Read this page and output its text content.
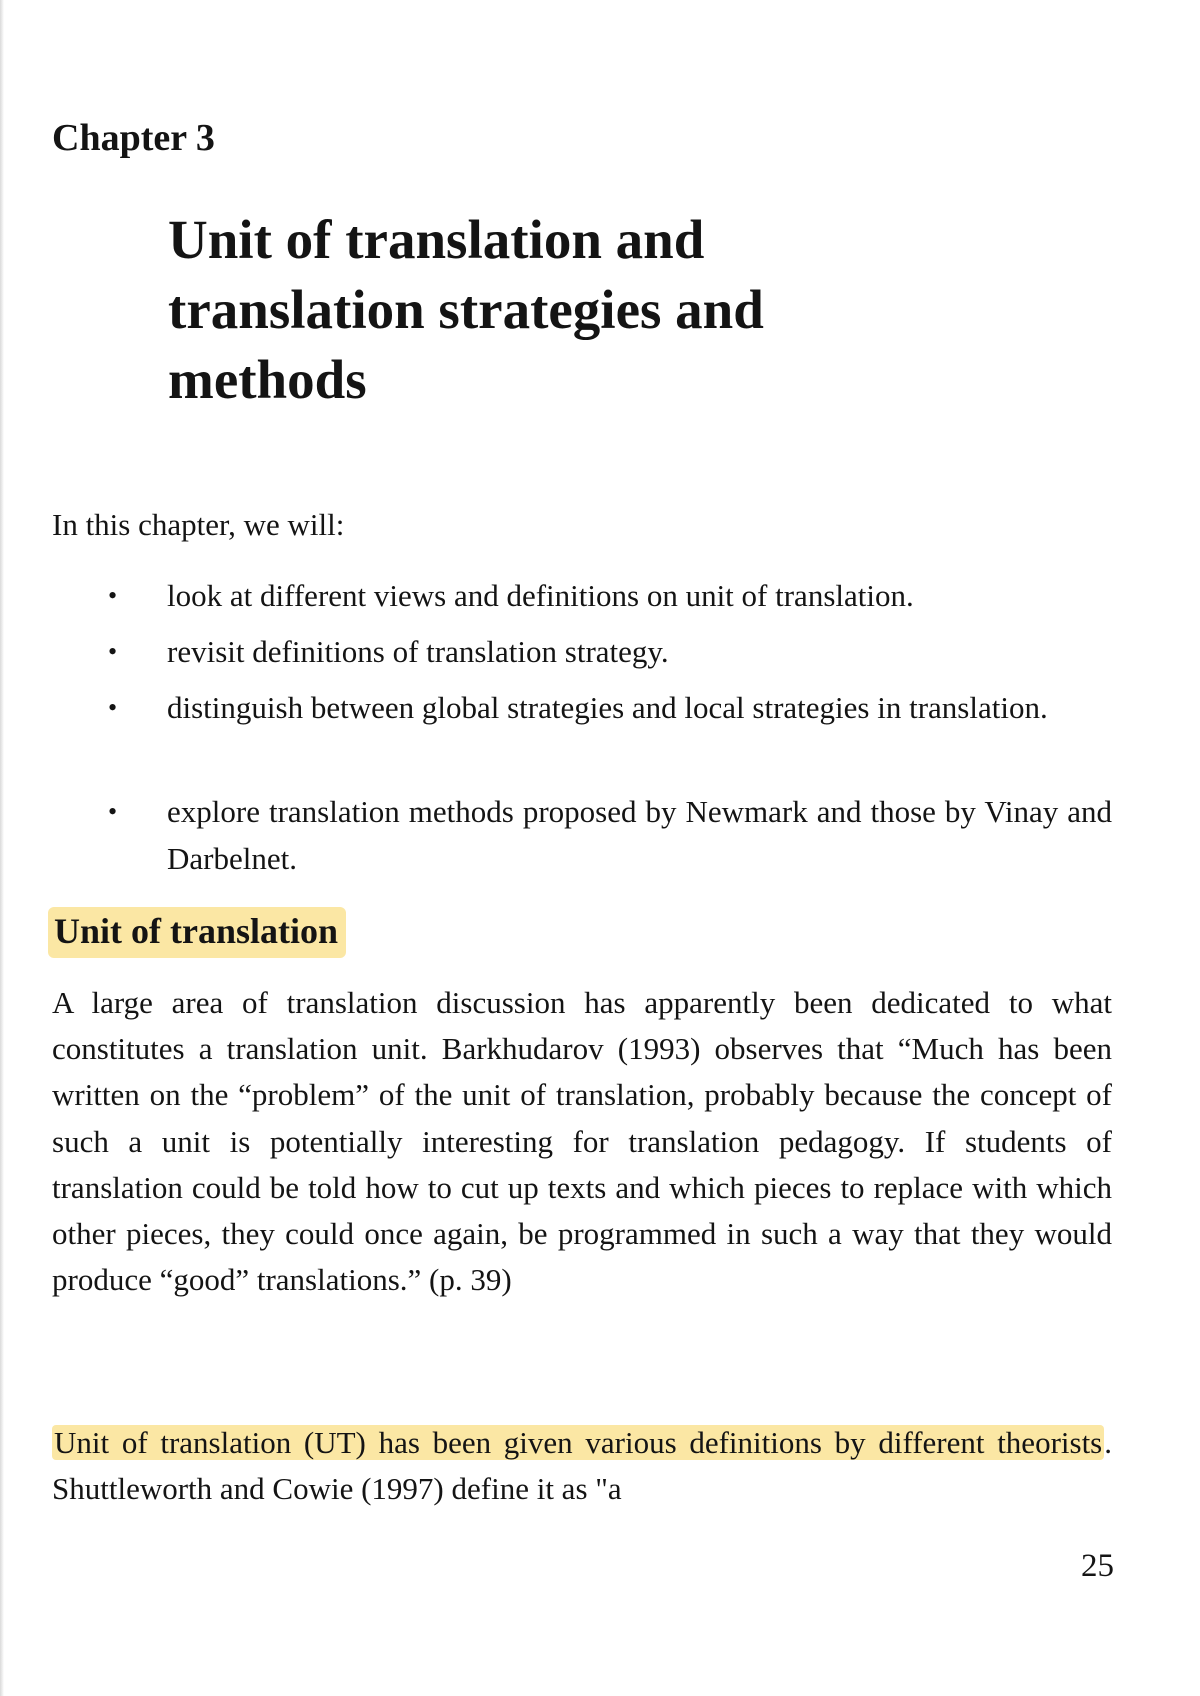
Chapter 3
Unit of translation and translation strategies and methods

In this chapter, we will:

• look at different views and definitions on unit of translation.
• revisit definitions of translation strategy.
• distinguish between global strategies and local strategies in translation.
• explore translation methods proposed by Newmark and those by Vinay and Darbelnet.
Unit of translation

A large area of translation discussion has apparently been dedicated to what constitutes a translation unit. Barkhudarov (1993) observes that “Much has been written on the “problem” of the unit of translation, probably because the concept of such a unit is potentially interesting for translation pedagogy. If students of translation could be told how to cut up texts and which pieces to replace with which other pieces, they could once again, be programmed in such a way that they would produce “good” translations.” (p. 39)

Unit of translation (UT) has been given various definitions by different theorists. Shuttleworth and Cowie (1997) define it as "a

25
